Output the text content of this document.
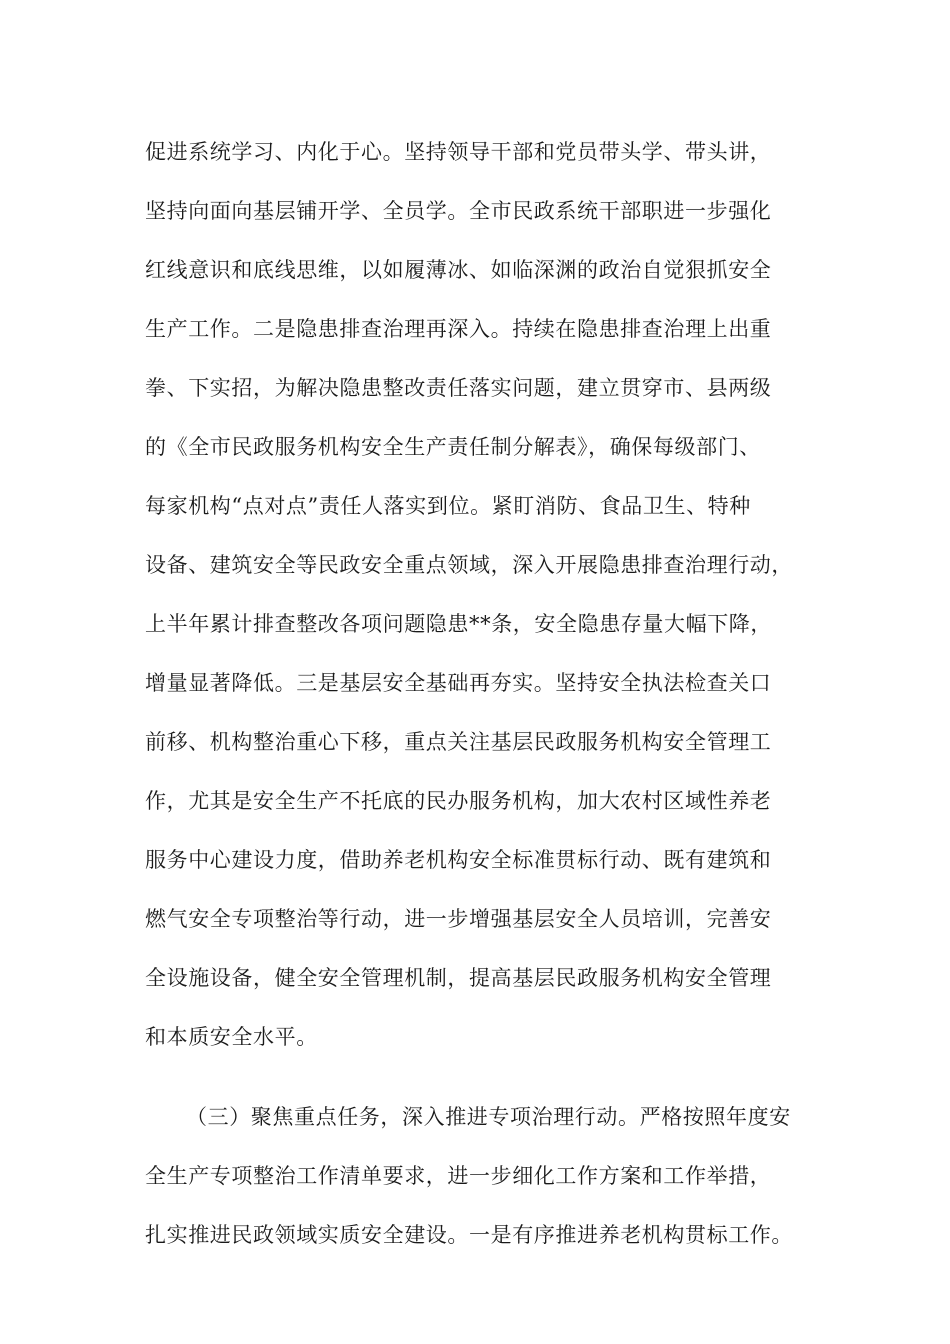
促进系统学习、内化于心。坚持领导干部和党员带头学、带头讲，
坚持向面向基层铺开学、全员学。全市民政系统干部职进一步强化
红线意识和底线思维，以如履薄冰、如临深渊的政治自觉狠抓安全
生产工作。二是隐患排查治理再深入。持续在隐患排查治理上出重
拳、下实招，为解决隐患整改责任落实问题，建立贯穿市、县两级
的《全市民政服务机构安全生产责任制分解表》，确保每级部门、
每家机构“点对点”责任人落实到位。紧盯消防、食品卫生、特种
设备、建筑安全等民政安全重点领域，深入开展隐患排查治理行动，
上半年累计排查整改各项问题隐患**条，安全隐患存量大幅下降，
增量显著降低。三是基层安全基础再夯实。坚持安全执法检查关口
前移、机构整治重心下移，重点关注基层民政服务机构安全管理工
作，尤其是安全生产不托底的民办服务机构，加大农村区域性养老
服务中心建设力度，借助养老机构安全标准贯标行动、既有建筑和
燃气安全专项整治等行动，进一步增强基层安全人员培训，完善安
全设施设备，健全安全管理机制，提高基层民政服务机构安全管理
和本质安全水平。
（三）聚焦重点任务，深入推进专项治理行动。严格按照年度安
全生产专项整治工作清单要求，进一步细化工作方案和工作举措，
扎实推进民政领域实质安全建设。一是有序推进养老机构贯标工作。
